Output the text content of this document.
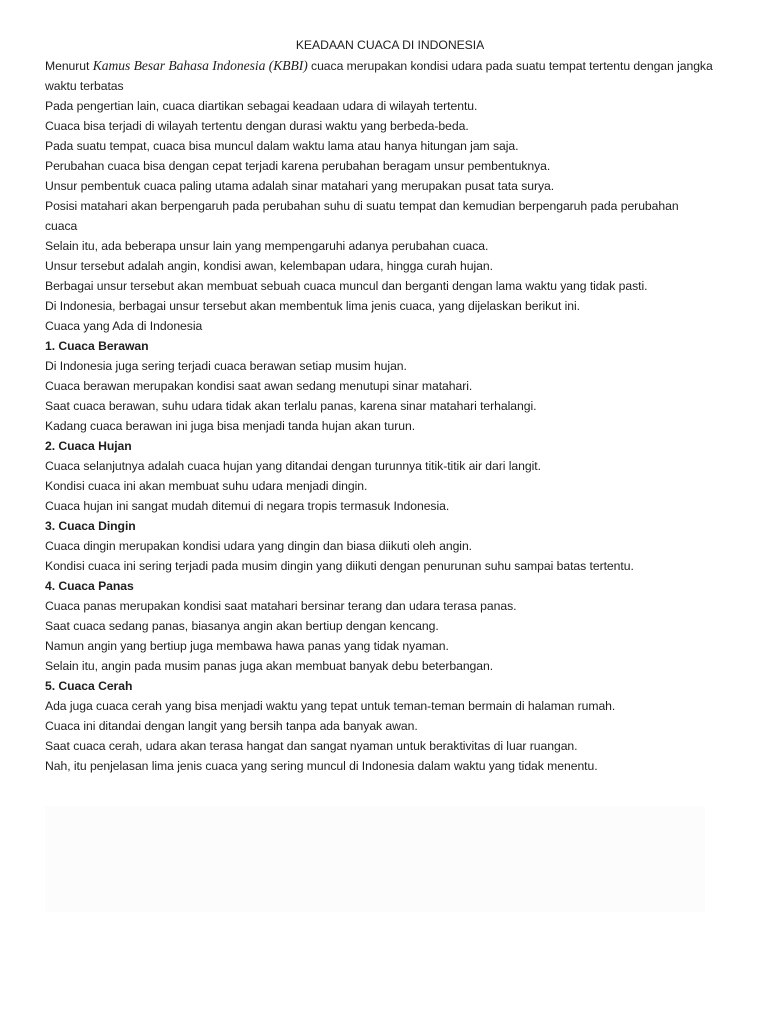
KEADAAN CUACA DI INDONESIA

Menurut Kamus Besar Bahasa Indonesia (KBBI) cuaca merupakan kondisi udara pada suatu tempat tertentu dengan jangka waktu terbatas

Pada pengertian lain, cuaca diartikan sebagai keadaan udara di wilayah tertentu.

Cuaca bisa terjadi di wilayah tertentu dengan durasi waktu yang berbeda-beda.

Pada suatu tempat, cuaca bisa muncul dalam waktu lama atau hanya hitungan jam saja.

Perubahan cuaca bisa dengan cepat terjadi karena perubahan beragam unsur pembentuknya.

Unsur pembentuk cuaca paling utama adalah sinar matahari yang merupakan pusat tata surya.

Posisi matahari akan berpengaruh pada perubahan suhu di suatu tempat dan kemudian berpengaruh pada perubahan cuaca

Selain itu, ada beberapa unsur lain yang mempengaruhi adanya perubahan cuaca.

Unsur tersebut adalah angin, kondisi awan, kelembapan udara, hingga curah hujan.

Berbagai unsur tersebut akan membuat sebuah cuaca muncul dan berganti dengan lama waktu yang tidak pasti.

Di Indonesia, berbagai unsur tersebut akan membentuk lima jenis cuaca, yang dijelaskan berikut ini.

Cuaca yang Ada di Indonesia

1. Cuaca Berawan

Di Indonesia juga sering terjadi cuaca berawan setiap musim hujan.

Cuaca berawan merupakan kondisi saat awan sedang menutupi sinar matahari.

Saat cuaca berawan, suhu udara tidak akan terlalu panas, karena sinar matahari terhalangi.

Kadang cuaca berawan ini juga bisa menjadi tanda hujan akan turun.

2. Cuaca Hujan

Cuaca selanjutnya adalah cuaca hujan yang ditandai dengan turunnya titik-titik air dari langit.

Kondisi cuaca ini akan membuat suhu udara menjadi dingin.

Cuaca hujan ini sangat mudah ditemui di negara tropis termasuk Indonesia.

3. Cuaca Dingin

Cuaca dingin merupakan kondisi udara yang dingin dan biasa diikuti oleh angin.

Kondisi cuaca ini sering terjadi pada musim dingin yang diikuti dengan penurunan suhu sampai batas tertentu.

4. Cuaca Panas

Cuaca panas merupakan kondisi saat matahari bersinar terang dan udara terasa panas.

Saat cuaca sedang panas, biasanya angin akan bertiup dengan kencang.

Namun angin yang bertiup juga membawa hawa panas yang tidak nyaman.

Selain itu, angin pada musim panas juga akan membuat banyak debu beterbangan.

5. Cuaca Cerah

Ada juga cuaca cerah yang bisa menjadi waktu yang tepat untuk teman-teman bermain di halaman rumah.

Cuaca ini ditandai dengan langit yang bersih tanpa ada banyak awan.

Saat cuaca cerah, udara akan terasa hangat dan sangat nyaman untuk beraktivitas di luar ruangan.

Nah, itu penjelasan lima jenis cuaca yang sering muncul di Indonesia dalam waktu yang tidak menentu.
